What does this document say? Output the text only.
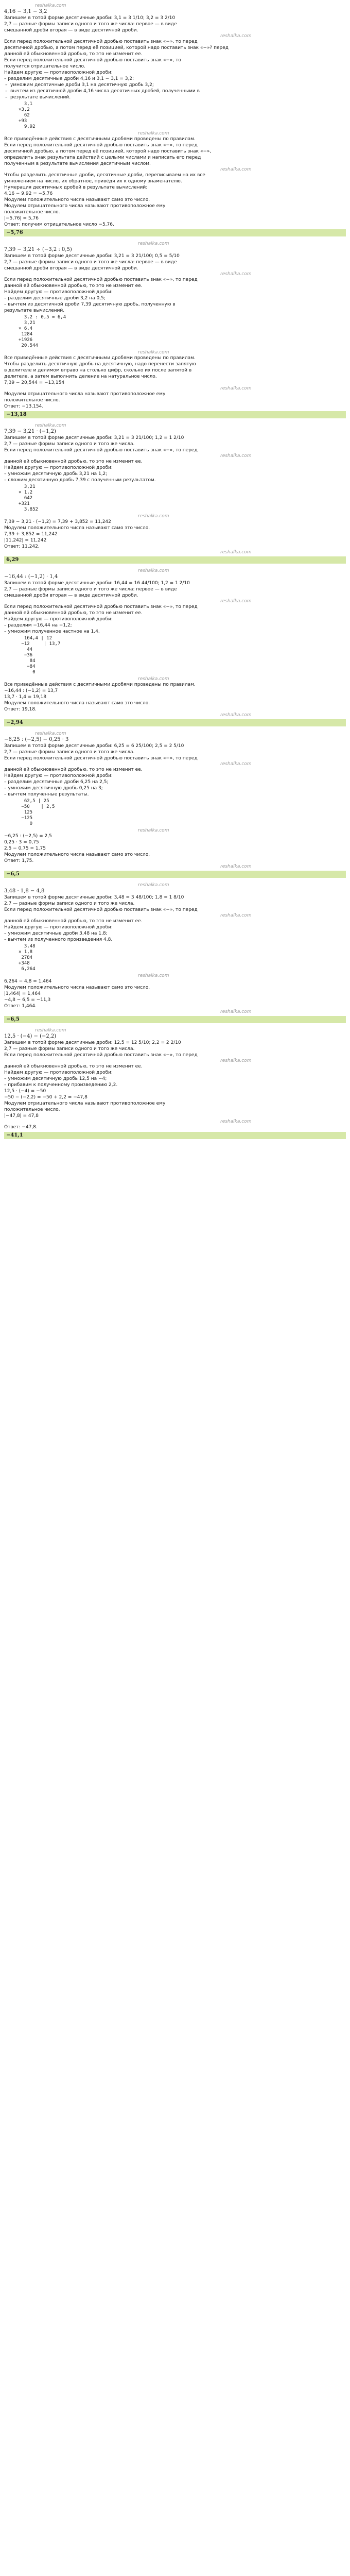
reshalka.com
4,16 − 3,1 − 3,2
Запишем в тотой форме десятичные дроби: 3,1 = 3 1/10; 3,2 = 3 2/10
2,7 — разные формы записи одного и того же числа: первое — в виде
смешанной дроби вторая — в виде десятичной дроби.
reshalka.com
Если перед положительной десятичной дробью поставить знак «−», то перед
десятичной дробью, а потом перед её позицией, которой надо поставить знак «−»? перед
данной ей обыкновенной дробью, то это не изменит ее.
Если перед положительной десятичной дробью поставить знак «−», то
получится отрицательное число.
Найдем другую — противоположной дроби:
– разделим десятичные дроби 4,16 и 3,1 − 3,1 = 3,2:
– умножим десятичные дроби 3,1 на десятичную дробь 3,2;
– вычтем из десятичной дроби 4,16 числа десятичных дробей, полученными в
– результате вычислений.
3,1
×3,2
62
+93
9,92
reshalka.com
Все приведённые действия с десятичными дробями проведены по правилам.
Если перед положительной десятичной дробью поставить знак «−», то перед
десятичной дробью, а потом перед её позицией, которой надо поставить знак «−»,
определить знак результата действий с целыми числами и написать его перед
полученным в результате вычисления десятичным числом.
reshalka.com
Чтобы разделить десятичные дроби, десятичные дроби, переписываем на их все
умножением на число, их обратное, привёдя их к одному знаменателю.
Нумерация десятичных дробей в результате вычислений:
4,16 − 9,92 = −5,76
Модулем положительного числа называют само это число.
Модулем отрицательного числа называют противоположное ему
положительное число.
|−5,76| = 5,76
Ответ: получим отрицательное число −5,76.
−5,76
reshalka.com
7,39 − 3,21 ÷ (−3,2 : 0,5)
Запишем в тотой форме десятичные дроби: 3,21 = 3 21/100; 0,5 = 5/10
2,7 — разные формы записи одного и того же числа: первое — в виде
смешанной дроби вторая — в виде десятичной дроби.
reshalka.com
Если перед положительной десятичной дробью поставить знак «−», то перед
данной ей обыкновенной дробью, то это не изменит ее.
Найдем другую — противоположной дроби:
– разделим десятичные дроби 3,2 на 0,5;
– вычтем из десятичной дроби 7,39 десятичную дробь, полученную в
результате вычислений.
3,2 : 0,5 = 6,4
3,21
× 6,4
1284
+1926
20,544
reshalka.com
Все приведённые действия с десятичными дробями проведены по правилам.
Чтобы разделить десятичную дробь на десятичную, надо перенести запятую
в делителе и делимом вправо на столько цифр, сколько их после запятой в
делителе, а затем выполнить деление на натуральное число.
7,39 − 20,544 = −13,154
reshalka.com
Модулем отрицательного числа называют противоположное ему
положительное число.
Ответ: −13,154.
−13,18
reshalka.com
7,39 − 3,21 · (−1,2)
Запишем в тотой форме десятичные дроби: 3,21 = 3 21/100; 1,2 = 1 2/10
2,7 — разные формы записи одного и того же числа.
Если перед положительной десятичной дробью поставить знак «−», то перед
reshalka.com
данной ей обыкновенной дробью, то это не изменит ее.
Найдем другую — противоположной дроби:
– умножим десятичную дробь 3,21 на 1,2;
– сложим десятичную дробь 7,39 с полученным результатом.
3,21
× 1,2
642
+321
3,852
reshalka.com
7,39 − 3,21 · (−1,2) = 7,39 + 3,852 = 11,242
Модулем положительного числа называют само это число.
7,39 + 3,852 = 11,242
|11,242| = 11,242
Ответ: 11,242.
reshalka.com
6,29
reshalka.com
−16,44 : (−1,2) · 1,4
Запишем в тотой форме десятичные дроби: 16,44 = 16 44/100; 1,2 = 1 2/10
2,7 — разные формы записи одного и того же числа: первое — в виде
смешанной дроби вторая — в виде десятичной дроби.
reshalka.com
Если перед положительной десятичной дробью поставить знак «−», то перед
данной ей обыкновенной дробью, то это не изменит ее.
Найдем другую — противоположной дроби:
– разделим −16,44 на −1,2;
– умножим полученное частное на 1,4.
164,4 | 12
−12     | 13,7
44
−36
84
−84
0
reshalka.com
Все приведённые действия с десятичными дробями проведены по правилам.
−16,44 : (−1,2) = 13,7
13,7 · 1,4 = 19,18
Модулем положительного числа называют само это число.
Ответ: 19,18.
reshalka.com
−2,94
reshalka.com
−6,25 : (−2,5) − 0,25 · 3
Запишем в тотой форме десятичные дроби: 6,25 = 6 25/100; 2,5 = 2 5/10
2,7 — разные формы записи одного и того же числа.
Если перед положительной десятичной дробью поставить знак «−», то перед
reshalka.com
данной ей обыкновенной дробью, то это не изменит ее.
Найдем другую — противоположной дроби:
– разделим десятичные дроби 6,25 на 2,5;
– умножим десятичную дробь 0,25 на 3;
– вычтем полученные результаты.
62,5 | 25
−50    | 2,5
125
−125
0
reshalka.com
−6,25 : (−2,5) = 2,5
0,25 · 3 = 0,75
2,5 − 0,75 = 1,75
Модулем положительного числа называют само это число.
Ответ: 1,75.
reshalka.com
−6,5
reshalka.com
3,48 · 1,8 − 4,8
Запишем в тотой форме десятичные дроби: 3,48 = 3 48/100; 1,8 = 1 8/10
2,7 — разные формы записи одного и того же числа.
Если перед положительной десятичной дробью поставить знак «−», то перед
reshalka.com
данной ей обыкновенной дробью, то это не изменит ее.
Найдем другую — противоположной дроби:
– умножим десятичные дроби 3,48 на 1,8;
– вычтем из полученного произведения 4,8.
3,48
× 1,8
2784
+348
6,264
reshalka.com
6,264 − 4,8 = 1,464
Модулем положительного числа называют само это число.
|1,464| = 1,464
−4,8 − 6,5 = −11,3
Ответ: 1,464.
reshalka.com
−6,5
reshalka.com
12,5 · (−4) − (−2,2)
Запишем в тотой форме десятичные дроби: 12,5 = 12 5/10; 2,2 = 2 2/10
2,7 — разные формы записи одного и того же числа.
Если перед положительной десятичной дробью поставить знак «−», то перед
reshalka.com
данной ей обыкновенной дробью, то это не изменит ее.
Найдем другую — противоположной дроби:
– умножим десятичную дробь 12,5 на −4;
– прибавим к полученному произведению 2,2.
12,5 · (−4) = −50
−50 − (−2,2) = −50 + 2,2 = −47,8
Модулем отрицательного числа называют противоположное ему
положительное число.
|−47,8| = 47,8
reshalka.com
Ответ: −47,8.
−41,1
